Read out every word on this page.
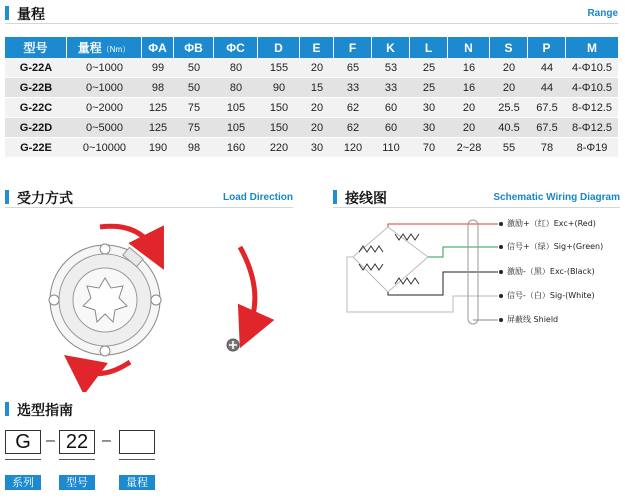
量程	Range
型号	量程（Nm）	ΦA	ΦB	ΦC	D	E	F	K	L	N	S	P	M
G-22A	0~1000	99	50	80	155	20	65	53	25	16	20	44	4-Φ10.5
G-22B	0~1000	98	50	80	90	15	33	33	25	16	20	44	4-Φ10.5
G-22C	0~2000	125	75	105	150	20	62	60	30	20	25.5	67.5	8-Φ12.5
G-22D	0~5000	125	75	105	150	20	62	60	30	20	40.5	67.5	8-Φ12.5
G-22E	0~10000	190	98	160	220	30	120	110	70	2~28	55	78	8-Φ19
受力方式	Load Direction	接线图	Schematic Wiring Diagram
激励+（红）Exc+(Red)
信号+（绿）Sig+(Green)
激励-（黑）Exc-(Black)
信号-（白）Sig-(White)
屏蔽线 Shield
选型指南
G – 22 –
系列	型号	量程
